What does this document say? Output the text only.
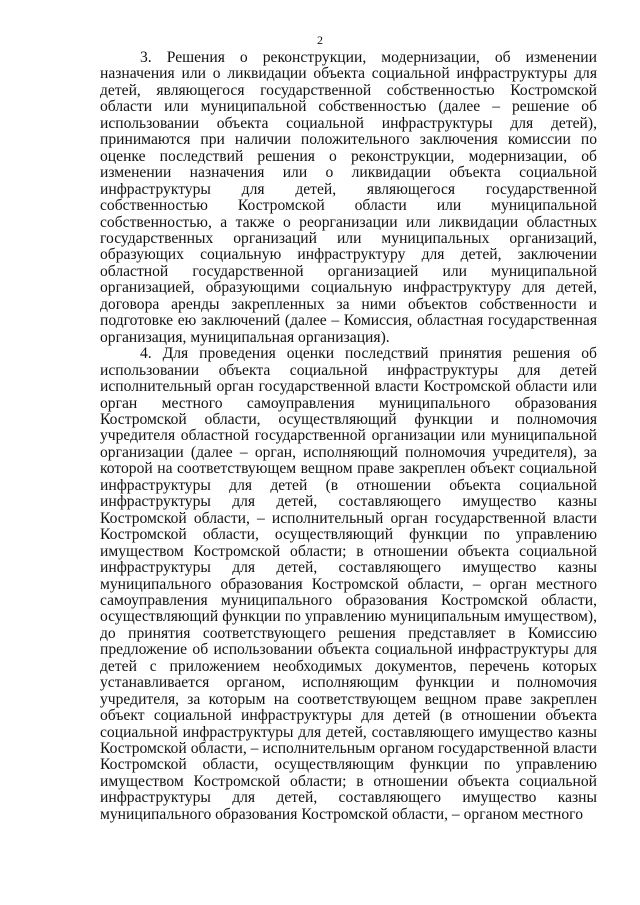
2

3. Решения о реконструкции, модернизации, об изменении назначения или о ликвидации объекта социальной инфраструктуры для детей, являющегося государственной собственностью Костромской области или муниципальной собственностью (далее – решение об использовании объекта социальной инфраструктуры для детей), принимаются при наличии положительного заключения комиссии по оценке последствий решения о реконструкции, модернизации, об изменении назначения или о ликвидации объекта социальной инфраструктуры для детей, являющегося государственной собственностью Костромской области или муниципальной собственностью, а также о реорганизации или ликвидации областных государственных организаций или муниципальных организаций, образующих социальную инфраструктуру для детей, заключении областной государственной организацией или муниципальной организацией, образующими социальную инфраструктуру для детей, договора аренды закрепленных за ними объектов собственности и подготовке ею заключений (далее – Комиссия, областная государственная организация, муниципальная организация).

4. Для проведения оценки последствий принятия решения об использовании объекта социальной инфраструктуры для детей исполнительный орган государственной власти Костромской области или орган местного самоуправления муниципального образования Костромской области, осуществляющий функции и полномочия учредителя областной государственной организации или муниципальной организации (далее – орган, исполняющий полномочия учредителя), за которой на соответствующем вещном праве закреплен объект социальной инфраструктуры для детей (в отношении объекта социальной инфраструктуры для детей, составляющего имущество казны Костромской области, – исполнительный орган государственной власти Костромской области, осуществляющий функции по управлению имуществом Костромской области; в отношении объекта социальной инфраструктуры для детей, составляющего имущество казны муниципального образования Костромской области, – орган местного самоуправления муниципального образования Костромской области, осуществляющий функции по управлению муниципальным имуществом), до принятия соответствующего решения представляет в Комиссию предложение об использовании объекта социальной инфраструктуры для детей с приложением необходимых документов, перечень которых устанавливается органом, исполняющим функции и полномочия учредителя, за которым на соответствующем вещном праве закреплен объект социальной инфраструктуры для детей (в отношении объекта социальной инфраструктуры для детей, составляющего имущество казны Костромской области, – исполнительным органом государственной власти Костромской области, осуществляющим функции по управлению имуществом Костромской области; в отношении объекта социальной инфраструктуры для детей, составляющего имущество казны муниципального образования Костромской области, – органом местного
